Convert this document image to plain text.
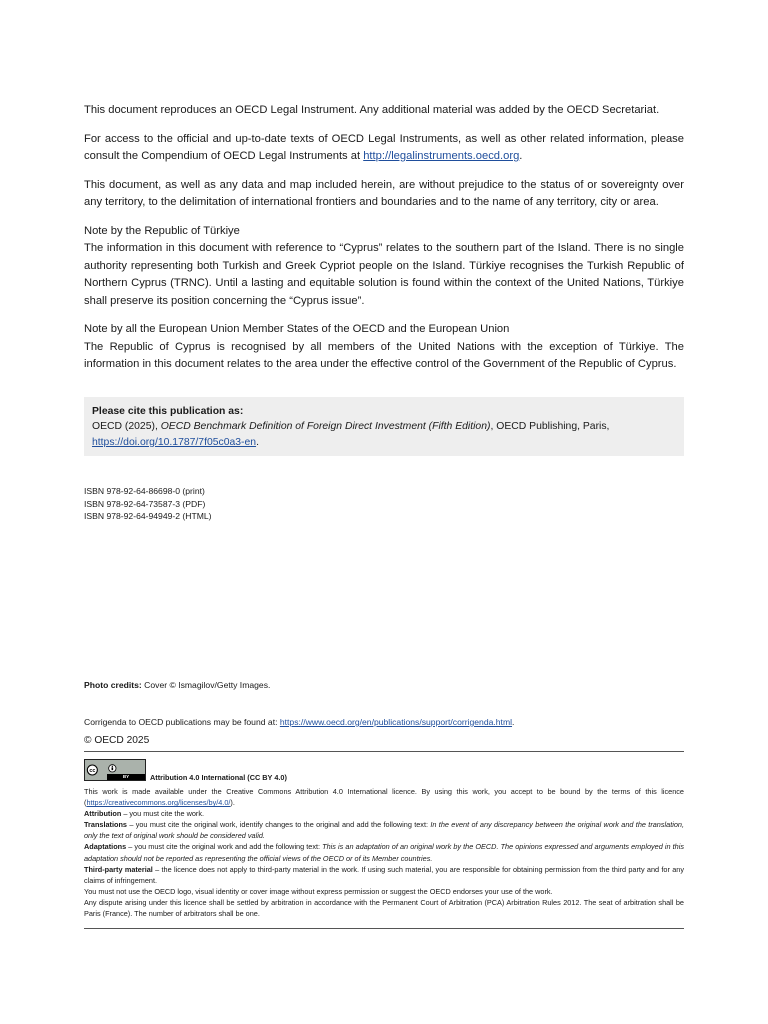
This document reproduces an OECD Legal Instrument. Any additional material was added by the OECD Secretariat.

For access to the official and up-to-date texts of OECD Legal Instruments, as well as other related information, please consult the Compendium of OECD Legal Instruments at http://legalinstruments.oecd.org.

This document, as well as any data and map included herein, are without prejudice to the status of or sovereignty over any territory, to the delimitation of international frontiers and boundaries and to the name of any territory, city or area.

Note by the Republic of Türkiye

The information in this document with reference to “Cyprus” relates to the southern part of the Island. There is no single authority representing both Turkish and Greek Cypriot people on the Island. Türkiye recognises the Turkish Republic of Northern Cyprus (TRNC). Until a lasting and equitable solution is found within the context of the United Nations, Türkiye shall preserve its position concerning the “Cyprus issue”.

Note by all the European Union Member States of the OECD and the European Union

The Republic of Cyprus is recognised by all members of the United Nations with the exception of Türkiye. The information in this document relates to the area under the effective control of the Government of the Republic of Cyprus.

Please cite this publication as:
OECD (2025), OECD Benchmark Definition of Foreign Direct Investment (Fifth Edition), OECD Publishing, Paris,
https://doi.org/10.1787/7f05c0a3-en.
ISBN 978-92-64-86698-0 (print)
ISBN 978-92-64-73587-3 (PDF)
ISBN 978-92-64-94949-2 (HTML)
Photo credits: Cover © Ismagilov/Getty Images.
Corrigenda to OECD publications may be found at: https://www.oecd.org/en/publications/support/corrigenda.html.
© OECD 2025
cc
BY	Attribution 4.0 International (CC BY 4.0)

This work is made available under the Creative Commons Attribution 4.0 International licence. By using this work, you accept to be bound by the terms of this licence (https://creativecommons.org/licenses/by/4.0/).

Attribution – you must cite the work.

Translations – you must cite the original work, identify changes to the original and add the following text: In the event of any discrepancy between the original work and the translation, only the text of original work should be considered valid.

Adaptations – you must cite the original work and add the following text: This is an adaptation of an original work by the OECD. The opinions expressed and arguments employed in this adaptation should not be reported as representing the official views of the OECD or of its Member countries.

Third-party material – the licence does not apply to third-party material in the work. If using such material, you are responsible for obtaining permission from the third party and for any claims of infringement.

You must not use the OECD logo, visual identity or cover image without express permission or suggest the OECD endorses your use of the work.

Any dispute arising under this licence shall be settled by arbitration in accordance with the Permanent Court of Arbitration (PCA) Arbitration Rules 2012. The seat of arbitration shall be Paris (France). The number of arbitrators shall be one.
